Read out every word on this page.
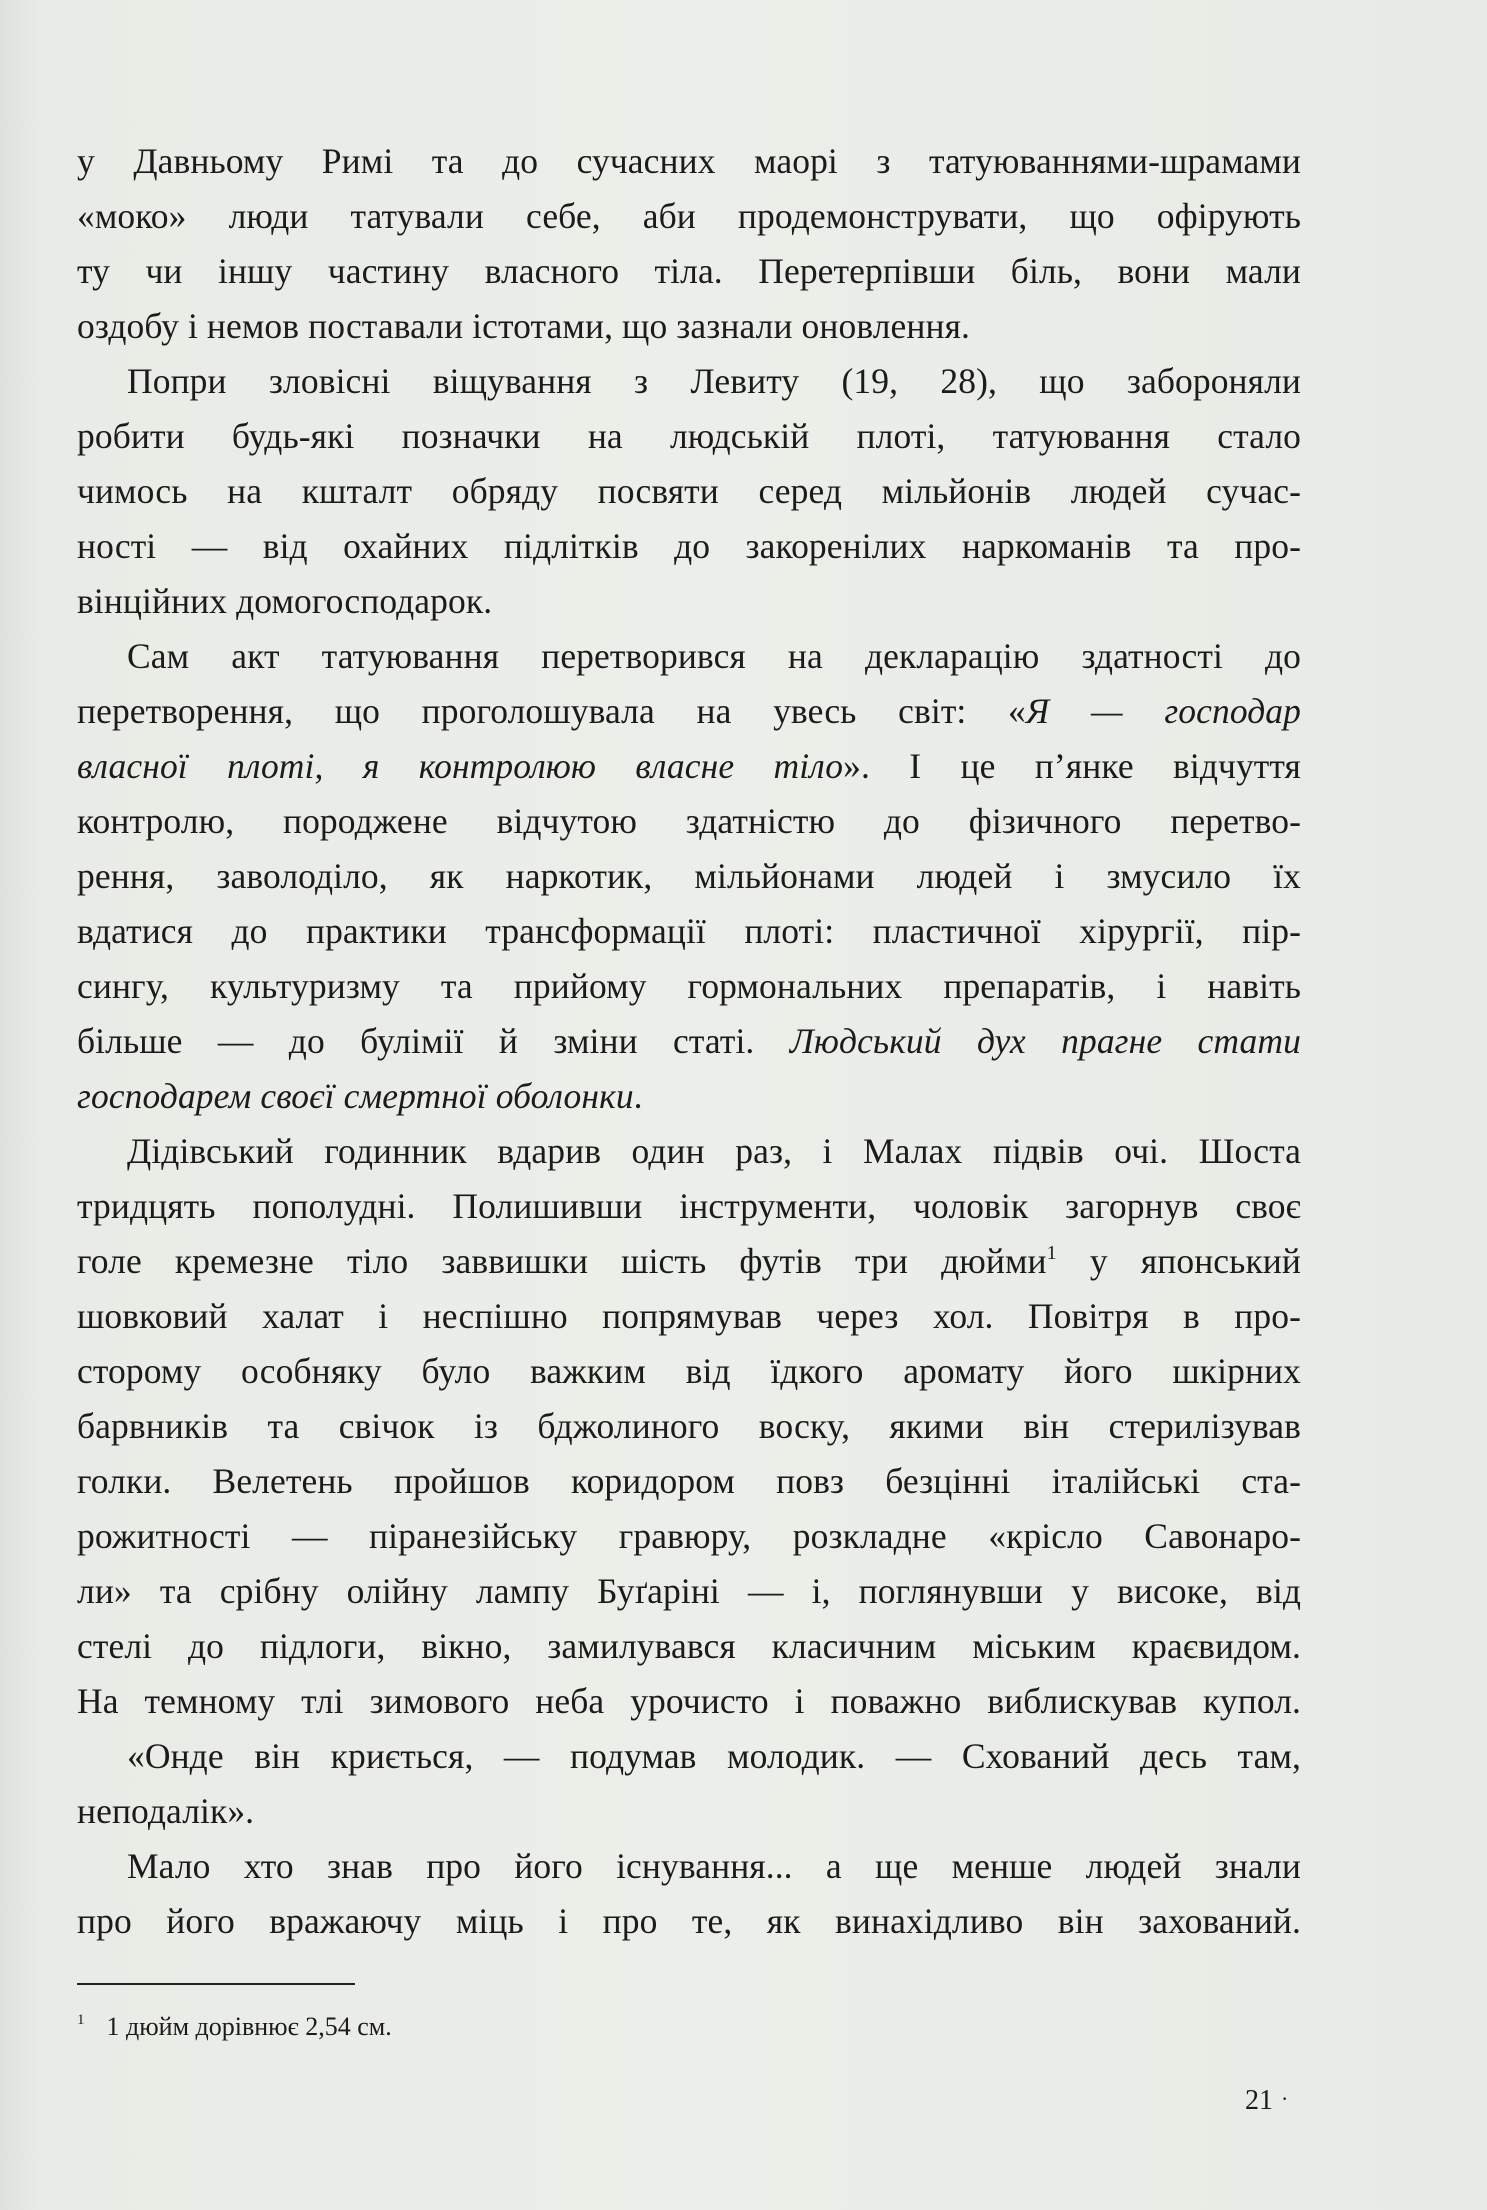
у Давньому Римі та до сучасних маорі з татуюваннями-шрамами
«моко» люди татували себе, аби продемонструвати, що офірують
ту чи іншу частину власного тіла. Перетерпівши біль, вони мали
оздобу і немов поставали істотами, що зазнали оновлення.
Попри зловісні віщування з Левиту (19, 28), що забороняли
робити будь-які позначки на людській плоті, татуювання стало
чимось на кшталт обряду посвяти серед мільйонів людей сучас-
ності — від охайних підлітків до закоренілих наркоманів та про-
вінційних домогосподарок.
Сам акт татуювання перетворився на декларацію здатності до
перетворення, що проголошувала на увесь світ: «Я — господар
власної плоті, я контролюю власне тіло». І це п’янке відчуття
контролю, породжене відчутою здатністю до фізичного перетво-
рення, заволоділо, як наркотик, мільйонами людей і змусило їх
вдатися до практики трансформації плоті: пластичної хірургії, пір-
сингу, культуризму та прийому гормональних препаратів, і навіть
більше — до булімії й зміни статі. Людський дух прагне стати
господарем своєї смертної оболонки.
Дідівський годинник вдарив один раз, і Малах підвів очі. Шоста
тридцять пополудні. Полишивши інструменти, чоловік загорнув своє
голе кремезне тіло заввишки шість футів три дюйми$^1$ у японський
шовковий халат і неспішно попрямував через хол. Повітря в про-
сторому особняку було важким від їдкого аромату його шкірних
барвників та свічок із бджолиного воску, якими він стерилізував
голки. Велетень пройшов коридором повз безцінні італійські ста-
рожитності — піранезійську гравюру, розкладне «крісло Савонаро-
ли» та срібну олійну лампу Буґаріні — і, поглянувши у високе, від
стелі до підлоги, вікно, замилувався класичним міським краєвидом.
На темному тлі зимового неба урочисто і поважно виблискував купол.
«Онде він криється, — подумав молодик. — Схований десь там,
неподалік».
Мало хто знав про його існування... а ще менше людей знали
про його вражаючу міць і про те, як винахідливо він захований.
$^1$ 1 дюйм дорівнює 2,54 см.
21 ·
